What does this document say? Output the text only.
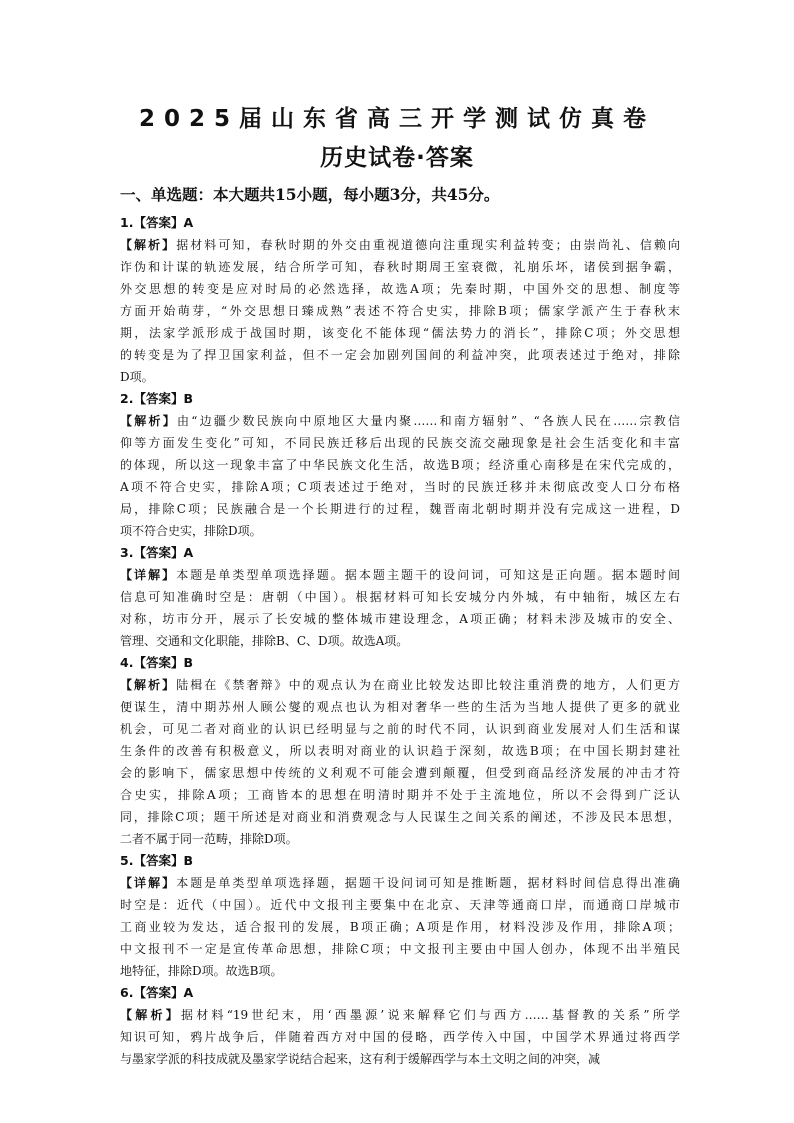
2025届山东省高三开学测试仿真卷
历史试卷·答案
一、单选题：本大题共15小题，每小题3分，共45分。
1.【答案】A
【解析】据材料可知，春秋时期的外交由重视道德向注重现实利益转变；由崇尚礼、信赖向
诈伪和计谋的轨迹发展，结合所学可知，春秋时期周王室衰微，礼崩乐坏，诸侯到据争霸，
外交思想的转变是应对时局的必然选择，故选A项；先秦时期，中国外交的思想、制度等
方面开始萌芽，“外交思想日臻成熟”表述不符合史实，排除B项；儒家学派产生于春秋末
期，法家学派形成于战国时期，该变化不能体现“儒法势力的消长”，排除C项；外交思想
的转变是为了捍卫国家利益，但不一定会加剧列国间的利益冲突，此项表述过于绝对，排除
D项。
2.【答案】B
【解析】由“边疆少数民族向中原地区大量内聚……和南方辐射”、“各族人民在……宗教信
仰等方面发生变化”可知，不同民族迁移后出现的民族交流交融现象是社会生活变化和丰富
的体现，所以这一现象丰富了中华民族文化生活，故选B项；经济重心南移是在宋代完成的，
A项不符合史实，排除A项；C项表述过于绝对，当时的民族迁移并未彻底改变人口分布格
局，排除C项；民族融合是一个长期进行的过程，魏晋南北朝时期并没有完成这一进程，D
项不符合史实，排除D项。
3.【答案】A
【详解】本题是单类型单项选择题。据本题主题干的设问词，可知这是正向题。据本题时间
信息可知准确时空是：唐朝（中国）。根据材料可知长安城分内外城，有中轴衔，城区左右
对称，坊市分开，展示了长安城的整体城市建设理念，A项正确；材料未涉及城市的安全、
管理、交通和文化职能，排除B、C、D项。故选A项。
4.【答案】B
【解析】陆楫在《禁奢辩》中的观点认为在商业比较发达即比较注重消费的地方，人们更方
便谋生，清中期苏州人顾公燮的观点也认为相对奢华一些的生活为当地人提供了更多的就业
机会，可见二者对商业的认识已经明显与之前的时代不同，认识到商业发展对人们生活和谋
生条件的改善有积极意义，所以表明对商业的认识趋于深刻，故选B项；在中国长期封建社
会的影响下，儒家思想中传统的义利观不可能会遭到颠覆，但受到商品经济发展的冲击才符
合史实，排除A项；工商皆本的思想在明清时期并不处于主流地位，所以不会得到广泛认
同，排除C项；题干所述是对商业和消费观念与人民谋生之间关系的阐述，不涉及民本思想，
二者不属于同一范畴，排除D项。
5.【答案】B
【详解】本题是单类型单项选择题，据题干设问词可知是推断题，据材料时间信息得出准确
时空是：近代（中国）。近代中文报刊主要集中在北京、天津等通商口岸，而通商口岸城市
工商业较为发达，适合报刊的发展，B项正确；A项是作用，材料没涉及作用，排除A项；
中文报刊不一定是宣传革命思想，排除C项；中文报刊主要由中国人创办，体现不出半殖民
地特征，排除D项。故选B项。
6.【答案】A
【解析】据材料“19世纪末，用‘西墨源’说来解释它们与西方……基督教的关系”所学
知识可知，鸦片战争后，伴随着西方对中国的侵略，西学传入中国，中国学术界通过将西学
与墨家学派的科技成就及墨家学说结合起来，这有利于缓解西学与本土文明之间的冲突，减
